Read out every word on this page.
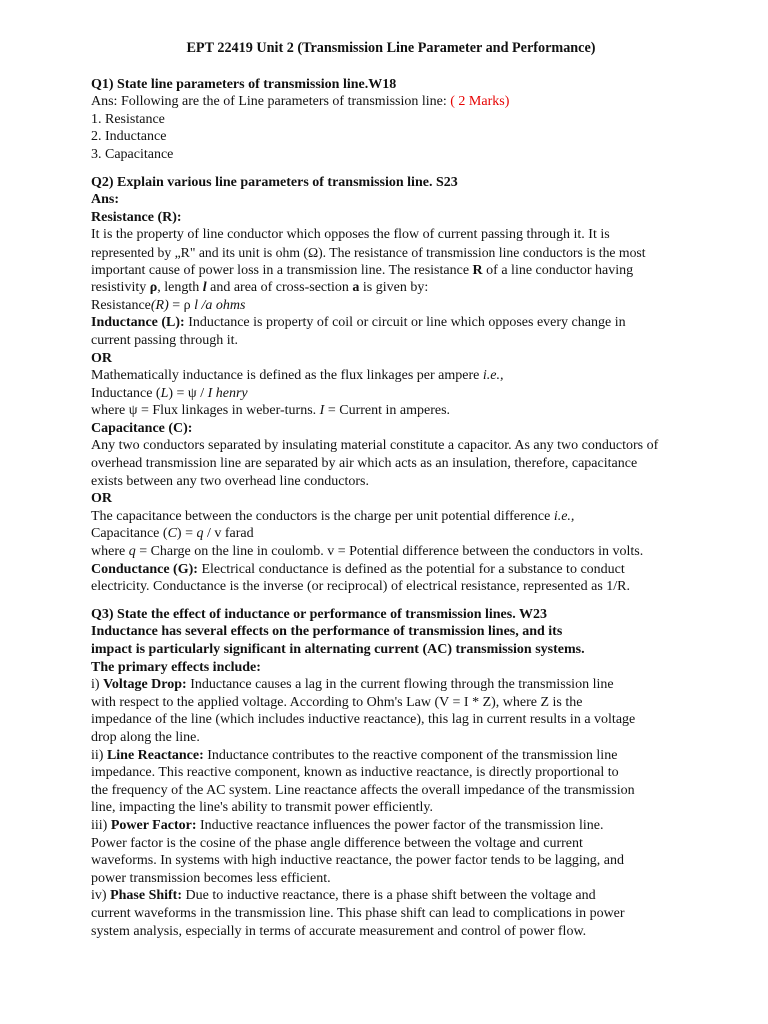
EPT 22419 Unit 2 (Transmission Line Parameter and Performance)

Q1) State line parameters of transmission line.W18

Ans: Following are the of Line parameters of transmission line: ( 2 Marks)

1. Resistance

2. Inductance

3. Capacitance

Q2) Explain various line parameters of transmission line. S23

Ans:

Resistance (R):

It is the property of line conductor which opposes the flow of current passing through it. It is

represented by „R" and its unit is ohm (Ω). The resistance of transmission line conductors is the most

important cause of power loss in a transmission line. The resistance R of a line conductor having

resistivity ρ, length l and area of cross-section a is given by:

Resistance(R) = ρ l /a ohms

Inductance (L): Inductance is property of coil or circuit or line which opposes every change in

current passing through it.

OR

Mathematically inductance is defined as the flux linkages per ampere i.e.,

Inductance (L) = ψ / I henry

where ψ = Flux linkages in weber-turns. I = Current in amperes.

Capacitance (C):

Any two conductors separated by insulating material constitute a capacitor. As any two conductors of

overhead transmission line are separated by air which acts as an insulation, therefore, capacitance

exists between any two overhead line conductors.

OR

The capacitance between the conductors is the charge per unit potential difference i.e.,

Capacitance (C) = q / v farad

where q = Charge on the line in coulomb. v = Potential difference between the conductors in volts.

Conductance (G): Electrical conductance is defined as the potential for a substance to conduct

electricity. Conductance is the inverse (or reciprocal) of electrical resistance, represented as 1/R.

Q3) State the effect of inductance or performance of transmission lines. W23

Inductance has several effects on the performance of transmission lines, and its

impact is particularly significant in alternating current (AC) transmission systems.

The primary effects include:

i) Voltage Drop: Inductance causes a lag in the current flowing through the transmission line

with respect to the applied voltage. According to Ohm's Law (V = I * Z), where Z is the

impedance of the line (which includes inductive reactance), this lag in current results in a voltage

drop along the line.

ii) Line Reactance: Inductance contributes to the reactive component of the transmission line

impedance. This reactive component, known as inductive reactance, is directly proportional to

the frequency of the AC system. Line reactance affects the overall impedance of the transmission

line, impacting the line's ability to transmit power efficiently.

iii) Power Factor: Inductive reactance influences the power factor of the transmission line.

Power factor is the cosine of the phase angle difference between the voltage and current

waveforms. In systems with high inductive reactance, the power factor tends to be lagging, and

power transmission becomes less efficient.

iv) Phase Shift: Due to inductive reactance, there is a phase shift between the voltage and

current waveforms in the transmission line. This phase shift can lead to complications in power

system analysis, especially in terms of accurate measurement and control of power flow.
